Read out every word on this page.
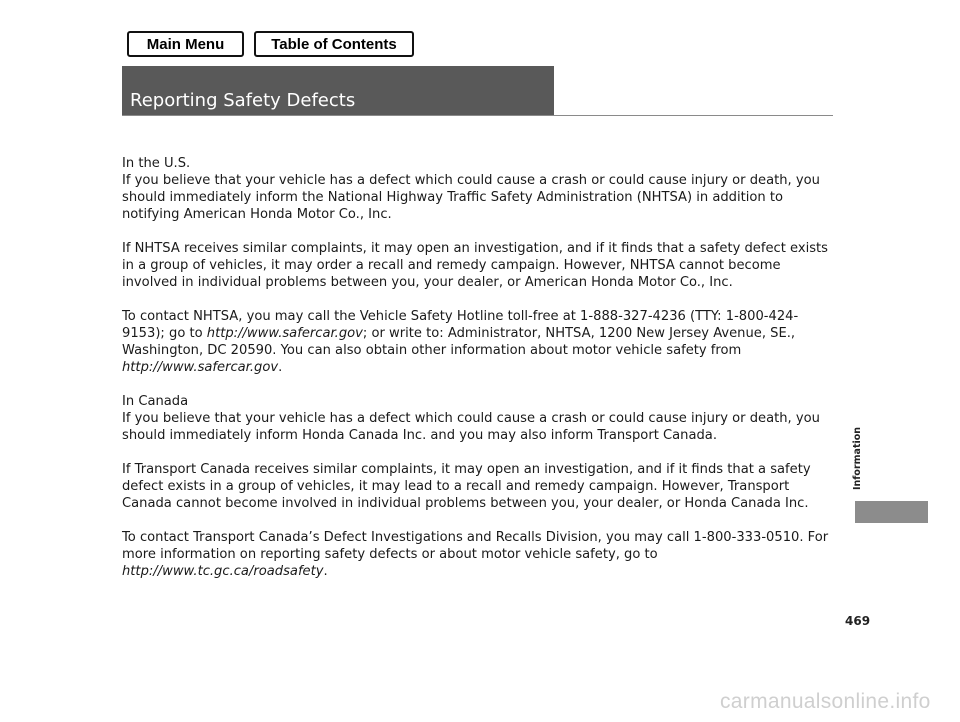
Main Menu	Table of Contents
Reporting Safety Defects

In the U.S.
If you believe that your vehicle has a defect which could cause a crash or could cause injury or death, you should immediately inform the National Highway Traffic Safety Administration (NHTSA) in addition to notifying American Honda Motor Co., Inc.

If NHTSA receives similar complaints, it may open an investigation, and if it finds that a safety defect exists in a group of vehicles, it may order a recall and remedy campaign. However, NHTSA cannot become involved in individual problems between you, your dealer, or American Honda Motor Co., Inc.

To contact NHTSA, you may call the Vehicle Safety Hotline toll-free at 1-888-327-4236 (TTY: 1-800-424-9153); go to http://www.safercar.gov; or write to: Administrator, NHTSA, 1200 New Jersey Avenue, SE., Washington, DC 20590. You can also obtain other information about motor vehicle safety from http://www.safercar.gov.

In Canada
If you believe that your vehicle has a defect which could cause a crash or could cause injury or death, you should immediately inform Honda Canada Inc. and you may also inform Transport Canada.

If Transport Canada receives similar complaints, it may open an investigation, and if it finds that a safety defect exists in a group of vehicles, it may lead to a recall and remedy campaign. However, Transport Canada cannot become involved in individual problems between you, your dealer, or Honda Canada Inc.

To contact Transport Canada’s Defect Investigations and Recalls Division, you may call 1-800-333-0510. For more information on reporting safety defects or about motor vehicle safety, go to http://www.tc.gc.ca/roadsafety.

Information
469
carmanualsonline.info
